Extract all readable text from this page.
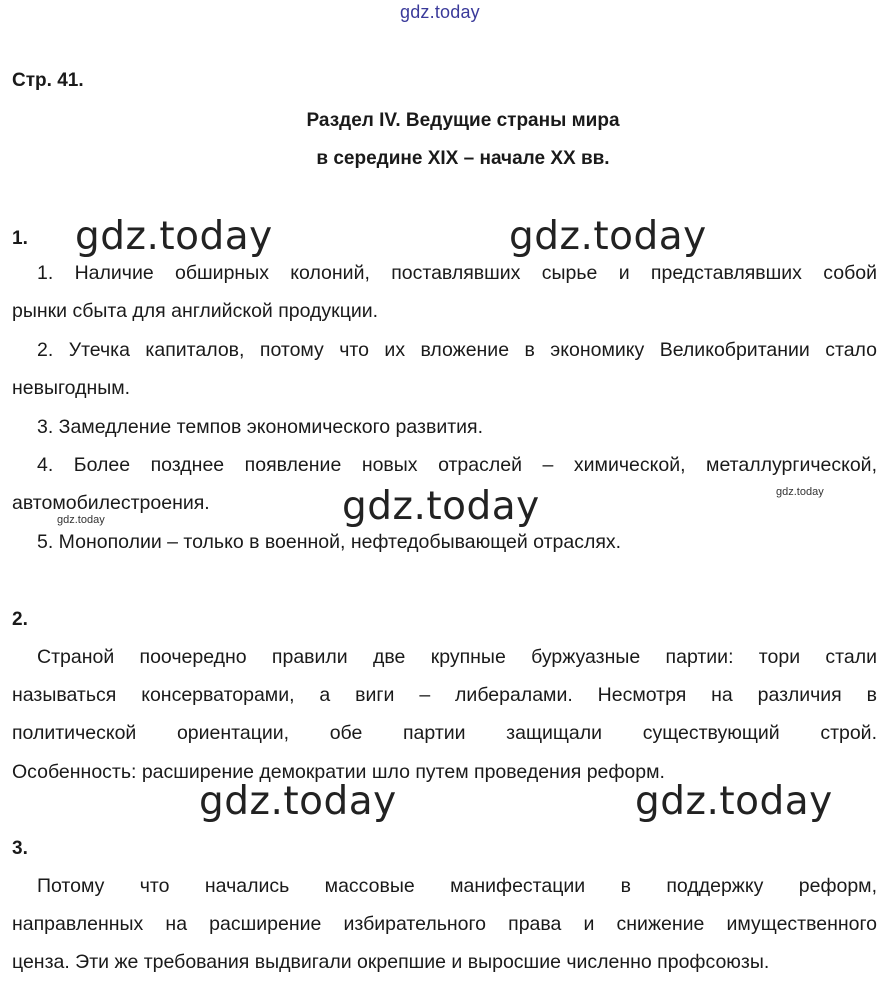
gdz.today
Стр. 41.
Раздел IV. Ведущие страны мира
в середине XIX – начале XX вв.
1. gdz.today	gdz.today
1. Наличие обширных колоний, поставлявших сырье и представлявших собой
рынки сбыта для английской продукции.
2. Утечка капиталов, потому что их вложение в экономику Великобритании стало
невыгодным.
3. Замедление темпов экономического развития.
4. Более позднее появление новых отраслей – химической, металлургической,
автомобилестроения.	gdz.today
gdz.today
gdz.today
5. Монополии – только в военной, нефтедобывающей отраслях.
2.
Страной поочередно правили две крупные буржуазные партии: тори стали
называться консерваторами, а виги – либералами. Несмотря на различия в
политической ориентации, обе партии защищали существующий строй.
Особенность: расширение демократии шло путем проведения реформ.
gdz.today	gdz.today
3.
Потому что начались массовые манифестации в поддержку реформ,
направленных на расширение избирательного права и снижение имущественного
ценза. Эти же требования выдвигали окрепшие и выросшие численно профсоюзы.
